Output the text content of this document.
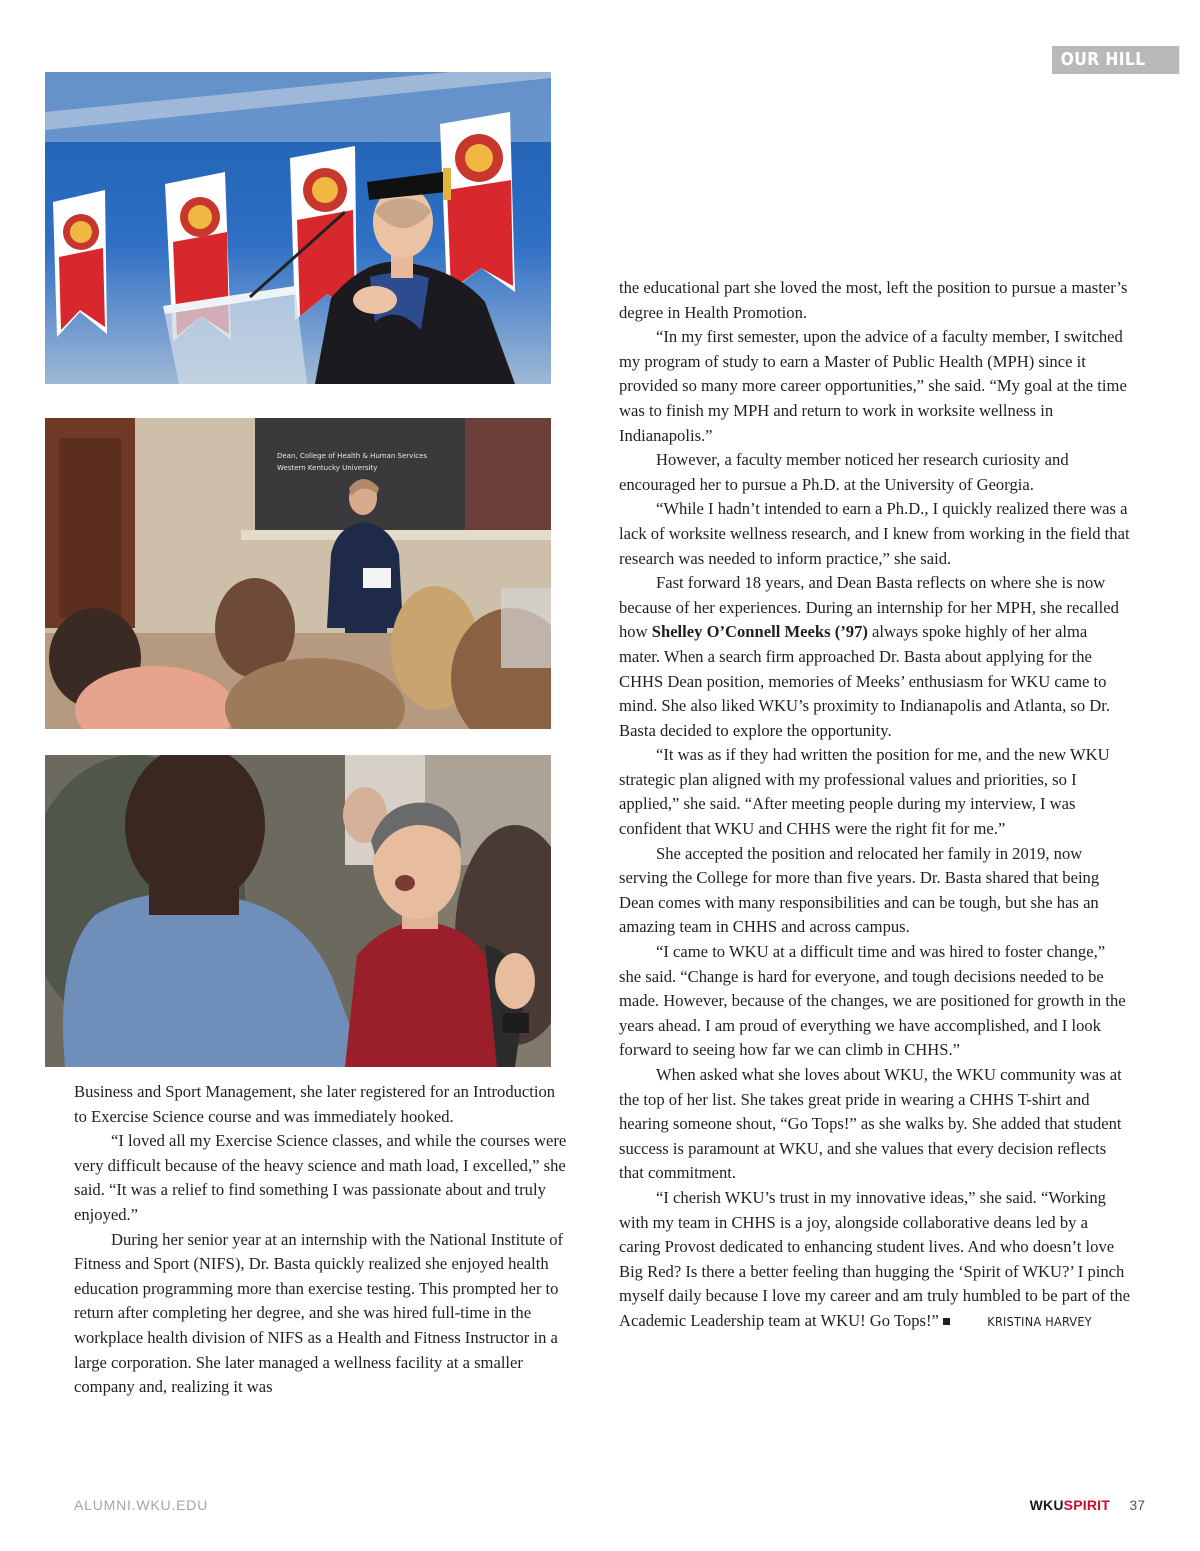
OUR HILL
Dean, College of Health & Human Services
Western Kentucky University

Business and Sport Management, she later registered for an Introduction to Exercise Science course and was immediately hooked.

“I loved all my Exercise Science classes, and while the courses were very difficult because of the heavy science and math load, I excelled,” she said. “It was a relief to find something I was passionate about and truly enjoyed.”

During her senior year at an internship with the National Institute of Fitness and Sport (NIFS), Dr. Basta quickly realized she enjoyed health education programming more than exercise testing. This prompted her to return after completing her degree, and she was hired full-time in the workplace health division of NIFS as a Health and Fitness Instructor in a large corporation. She later managed a wellness facility at a smaller company and, realizing it was

the educational part she loved the most, left the position to pursue a master’s degree in Health Promotion.

“In my first semester, upon the advice of a faculty member, I switched my program of study to earn a Master of Public Health (MPH) since it provided so many more career opportunities,” she said. “My goal at the time was to finish my MPH and return to work in worksite wellness in Indianapolis.”

However, a faculty member noticed her research curiosity and encouraged her to pursue a Ph.D. at the University of Georgia.

“While I hadn’t intended to earn a Ph.D., I quickly realized there was a lack of worksite wellness research, and I knew from working in the field that research was needed to inform practice,” she said.

Fast forward 18 years, and Dean Basta reflects on where she is now because of her experiences. During an internship for her MPH, she recalled how Shelley O’Connell Meeks (’97) always spoke highly of her alma mater. When a search firm approached Dr. Basta about applying for the CHHS Dean position, memories of Meeks’ enthusiasm for WKU came to mind. She also liked WKU’s proximity to Indianapolis and Atlanta, so Dr. Basta decided to explore the opportunity.

“It was as if they had written the position for me, and the new WKU strategic plan aligned with my professional values and priorities, so I applied,” she said. “After meeting people during my interview, I was confident that WKU and CHHS were the right fit for me.”

She accepted the position and relocated her family in 2019, now serving the College for more than five years. Dr. Basta shared that being Dean comes with many responsibilities and can be tough, but she has an amazing team in CHHS and across campus.

“I came to WKU at a difficult time and was hired to foster change,” she said. “Change is hard for everyone, and tough decisions needed to be made. However, because of the changes, we are positioned for growth in the years ahead. I am proud of everything we have accomplished, and I look forward to seeing how far we can climb in CHHS.”

When asked what she loves about WKU, the WKU community was at the top of her list. She takes great pride in wearing a CHHS T-shirt and hearing someone shout, “Go Tops!” as she walks by. She added that student success is paramount at WKU, and she values that every decision reflects that commitment.

“I cherish WKU’s trust in my innovative ideas,” she said. “Working with my team in CHHS is a joy, alongside collaborative deans led by a caring Provost dedicated to enhancing student lives. And who doesn’t love Big Red? Is there a better feeling than hugging the ‘Spirit of WKU?’ I pinch myself daily because I love my career and am truly humbled to be part of the Academic Leadership team at WKU! Go Tops!”	KRISTINA HARVEY

ALUMNI.WKU.EDU	WKUSPIRIT 37
